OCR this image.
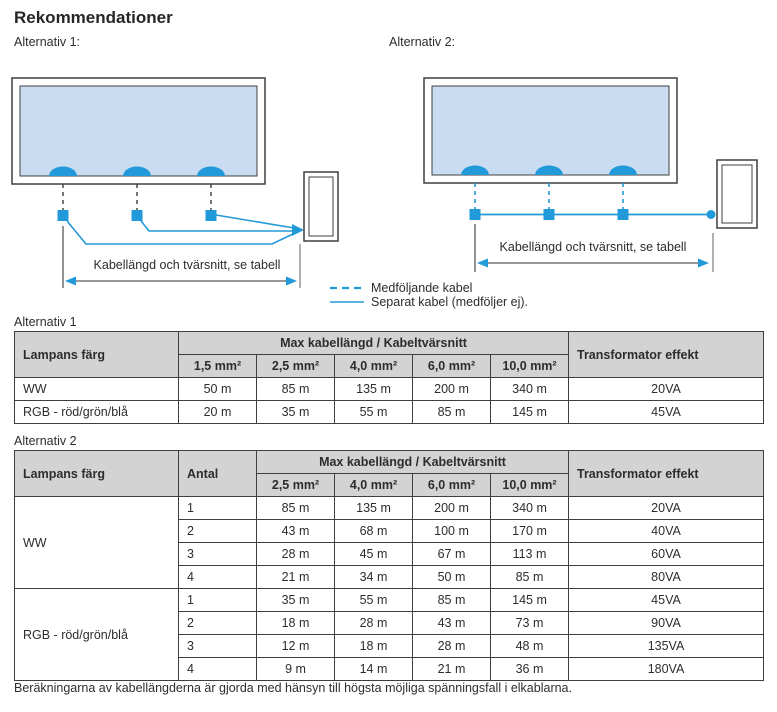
Rekommendationer
Alternativ 1:	Alternativ 2:
Kabellängd och tvärsnitt, se tabell
Medföljande kabel
Separat kabel (medföljer ej).
Kabellängd och tvärsnitt, se tabell
Alternativ 1
Lampans färg	Max kabellängd / Kabeltvärsnitt					Transformator effekt
	1,5 mm²	2,5 mm²	4,0 mm²	6,0 mm²	10,0 mm²	
WW	50 m	85 m	135 m	200 m	340 m	20VA
RGB - röd/grön/blå	20 m	35 m	55 m	85 m	145 m	45VA
Alternativ 2
Lampans färg	Antal	Max kabellängd / Kabeltvärsnitt				Transformator effekt
		2,5 mm²	4,0 mm²	6,0 mm²	10,0 mm²	
WW	1	85 m	135 m	200 m	340 m	20VA
	2	43 m	68 m	100 m	170 m	40VA
	3	28 m	45 m	67 m	113 m	60VA
	4	21 m	34 m	50 m	85 m	80VA
RGB - röd/grön/blå	1	35 m	55 m	85 m	145 m	45VA
	2	18 m	28 m	43 m	73 m	90VA
	3	12 m	18 m	28 m	48 m	135VA
	4	9 m	14 m	21 m	36 m	180VA
Beräkningarna av kabellängderna är gjorda med hänsyn till högsta möjliga spänningsfall i elkablarna.
